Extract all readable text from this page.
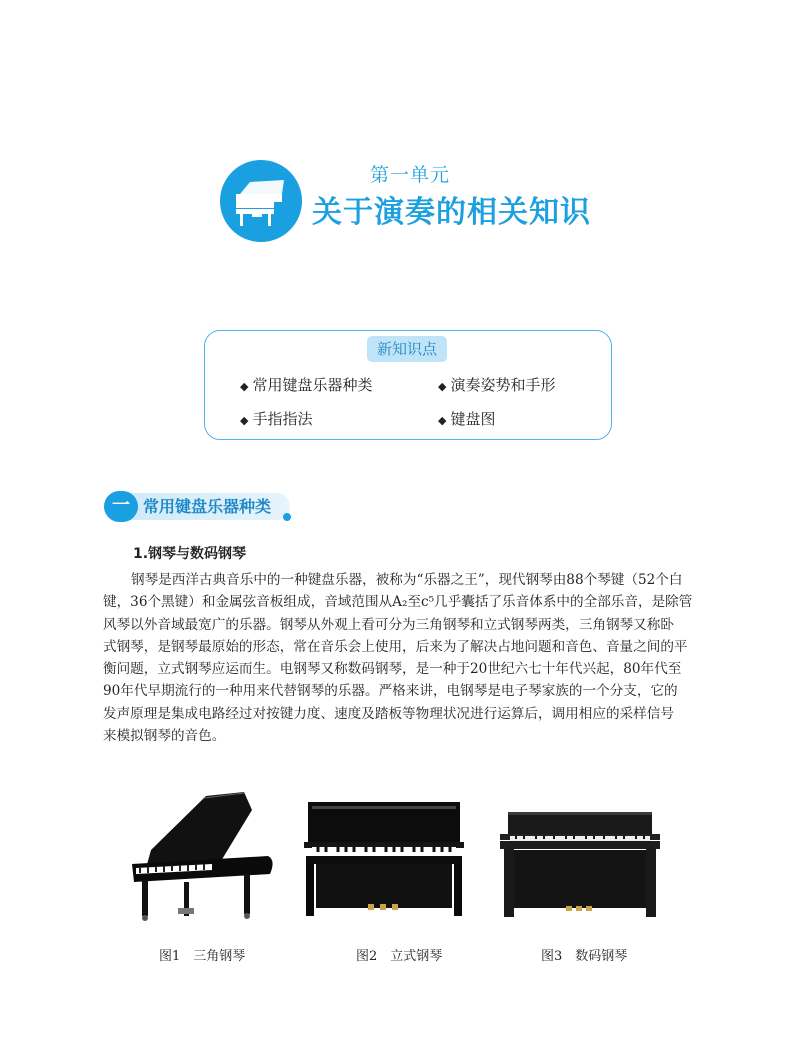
第一单元
关于演奏的相关知识
新知识点
◆ 常用键盘乐器种类	◆ 演奏姿势和手形
◆ 手指指法	◆ 键盘图
一 常用键盘乐器种类
1.钢琴与数码钢琴
钢琴是西洋古典音乐中的一种键盘乐器，被称为“乐器之王”，现代钢琴由88个琴键（52个白
键，36个黑键）和金属弦音板组成，音域范围从A₂至c⁵几乎囊括了乐音体系中的全部乐音，是除管
风琴以外音域最宽广的乐器。钢琴从外观上看可分为三角钢琴和立式钢琴两类，三角钢琴又称卧
式钢琴，是钢琴最原始的形态，常在音乐会上使用，后来为了解决占地问题和音色、音量之间的平
衡问题，立式钢琴应运而生。电钢琴又称数码钢琴，是一种于20世纪六七十年代兴起，80年代至
90年代早期流行的一种用来代替钢琴的乐器。严格来讲，电钢琴是电子琴家族的一个分支，它的
发声原理是集成电路经过对按键力度、速度及踏板等物理状况进行运算后，调用相应的采样信号
来模拟钢琴的音色。
图1　三角钢琴	图2　立式钢琴	图3　数码钢琴
